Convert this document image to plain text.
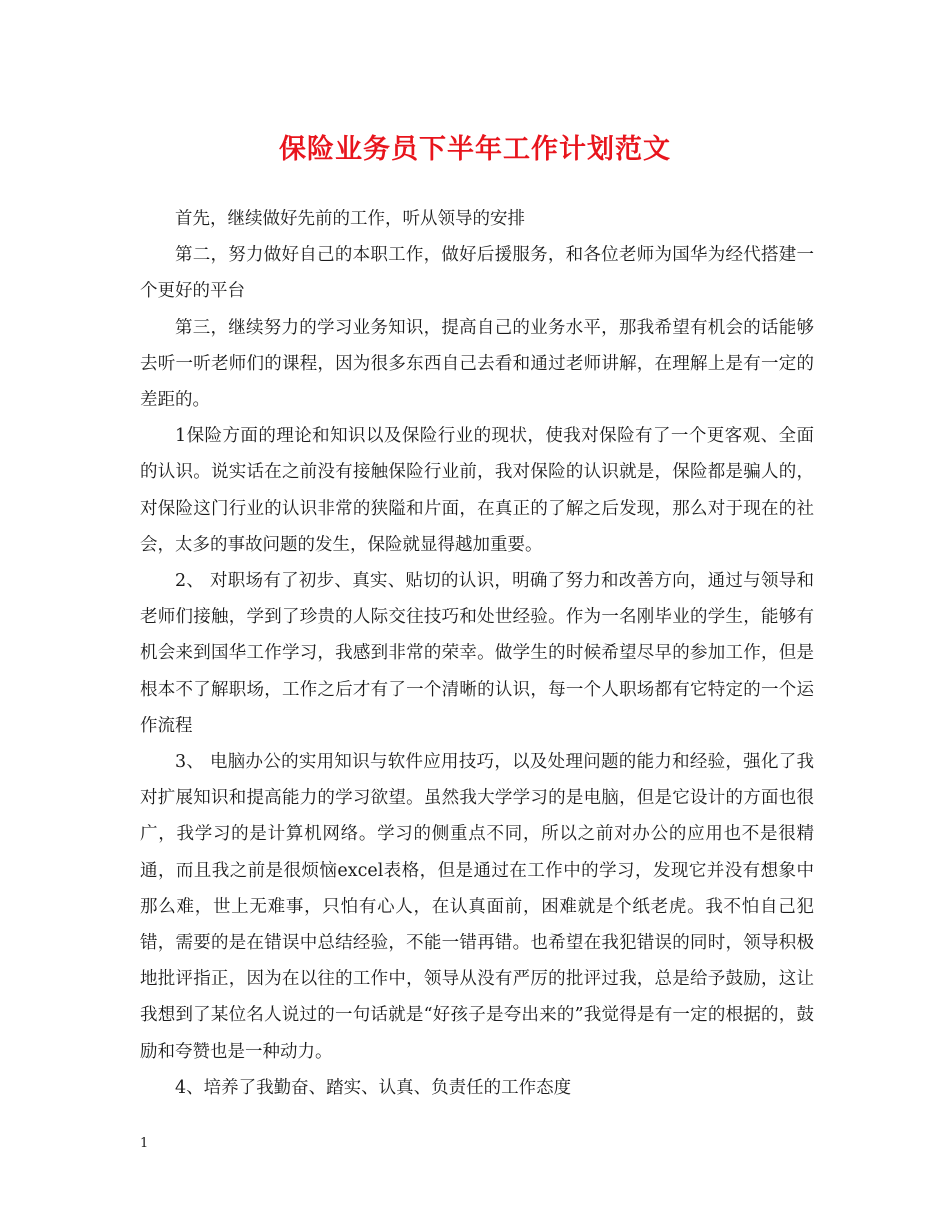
保险业务员下半年工作计划范文

首先，继续做好先前的工作，听从领导的安排

第二，努力做好自己的本职工作，做好后援服务，和各位老师为国华为经代搭建一个更好的平台

第三，继续努力的学习业务知识，提高自己的业务水平，那我希望有机会的话能够去听一听老师们的课程，因为很多东西自己去看和通过老师讲解，在理解上是有一定的差距的。

1保险方面的理论和知识以及保险行业的现状，使我对保险有了一个更客观、全面的认识。说实话在之前没有接触保险行业前，我对保险的认识就是，保险都是骗人的，对保险这门行业的认识非常的狭隘和片面，在真正的了解之后发现，那么对于现在的社会，太多的事故问题的发生，保险就显得越加重要。

2、 对职场有了初步、真实、贴切的认识，明确了努力和改善方向，通过与领导和老师们接触，学到了珍贵的人际交往技巧和处世经验。作为一名刚毕业的学生，能够有机会来到国华工作学习，我感到非常的荣幸。做学生的时候希望尽早的参加工作，但是根本不了解职场，工作之后才有了一个清晰的认识，每一个人职场都有它特定的一个运作流程

3、 电脑办公的实用知识与软件应用技巧，以及处理问题的能力和经验，强化了我对扩展知识和提高能力的学习欲望。虽然我大学学习的是电脑，但是它设计的方面也很广，我学习的是计算机网络。学习的侧重点不同，所以之前对办公的应用也不是很精通，而且我之前是很烦恼excel表格，但是通过在工作中的学习，发现它并没有想象中那么难，世上无难事，只怕有心人，在认真面前，困难就是个纸老虎。我不怕自己犯错，需要的是在错误中总结经验，不能一错再错。也希望在我犯错误的同时，领导积极地批评指正，因为在以往的工作中，领导从没有严厉的批评过我，总是给予鼓励，这让我想到了某位名人说过的一句话就是“好孩子是夸出来的”我觉得是有一定的根据的，鼓励和夸赞也是一种动力。

4、培养了我勤奋、踏实、认真、负责任的工作态度

1
